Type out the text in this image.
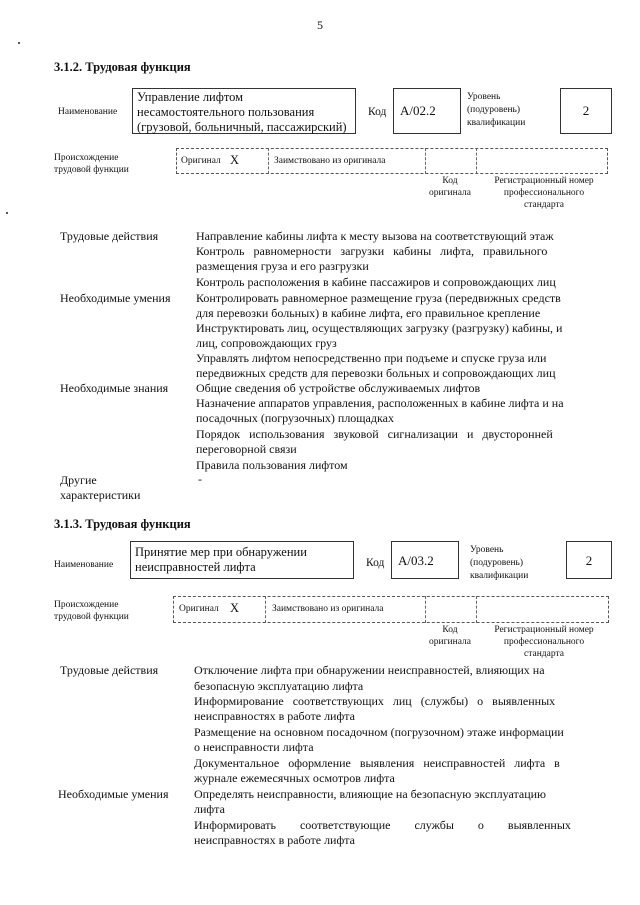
5
3.1.2. Трудовая функция
Наименование
Управление лифтом
несамостоятельного пользования
(грузовой, больничный, пассажирский)
Код А/02.2
Уровень
(подуровень)
квалификации
2
Происхождение
трудовой функции
Оригинал X	Заимствовано из оригинала
Код
оригинала
Регистрационный номер
профессионального
стандарта
Трудовые действия	Направление кабины лифта к месту вызова на соответствующий этаж
Контроль   равномерности   загрузки   кабины   лифта,   правильного
размещения груза и его разгрузки
Контроль расположения в кабине пассажиров и сопровождающих лиц
Необходимые умения Контролировать равномерное размещение груза (передвижных средств
для перевозки больных) в кабине лифта, его правильное крепление
Инструктировать лиц, осуществляющих загрузку (разгрузку) кабины, и
лиц, сопровождающих груз
Управлять лифтом непосредственно при подъеме и спуске груза или
передвижных средств для перевозки больных и сопровождающих лиц
Необходимые знания Общие сведения об устройстве обслуживаемых лифтов
Назначение аппаратов управления, расположенных в кабине лифта и на
посадочных (погрузочных) площадках
Порядок   использования   звуковой   сигнализации   и   двусторонней
переговорной связи
Правила пользования лифтом
Другие
характеристики
-
3.1.3. Трудовая функция
Наименование
Принятие мер при обнаружении
неисправностей лифта	Код А/03.2
Уровень
(подуровень)
квалификации
2
Происхождение
трудовой функции
Оригинал X	Заимствовано из оригинала
Код
оригинала
Регистрационный номер
профессионального
стандарта
Трудовые действия	Отключение лифта при обнаружении неисправностей, влияющих на
безопасную эксплуатацию лифта
Информирование   соответствующих   лиц   (службы)   о   выявленных
неисправностях в работе лифта
Размещение на основном посадочном (погрузочном) этаже информации
о неисправности лифта
Документальное   оформление   выявления   неисправностей   лифта   в
журнале ежемесячных осмотров лифта
Необходимые умения Определять неисправности, влияющие на безопасную эксплуатацию
лифта
Информировать        соответствующие        службы        о        выявленных
неисправностях в работе лифта
